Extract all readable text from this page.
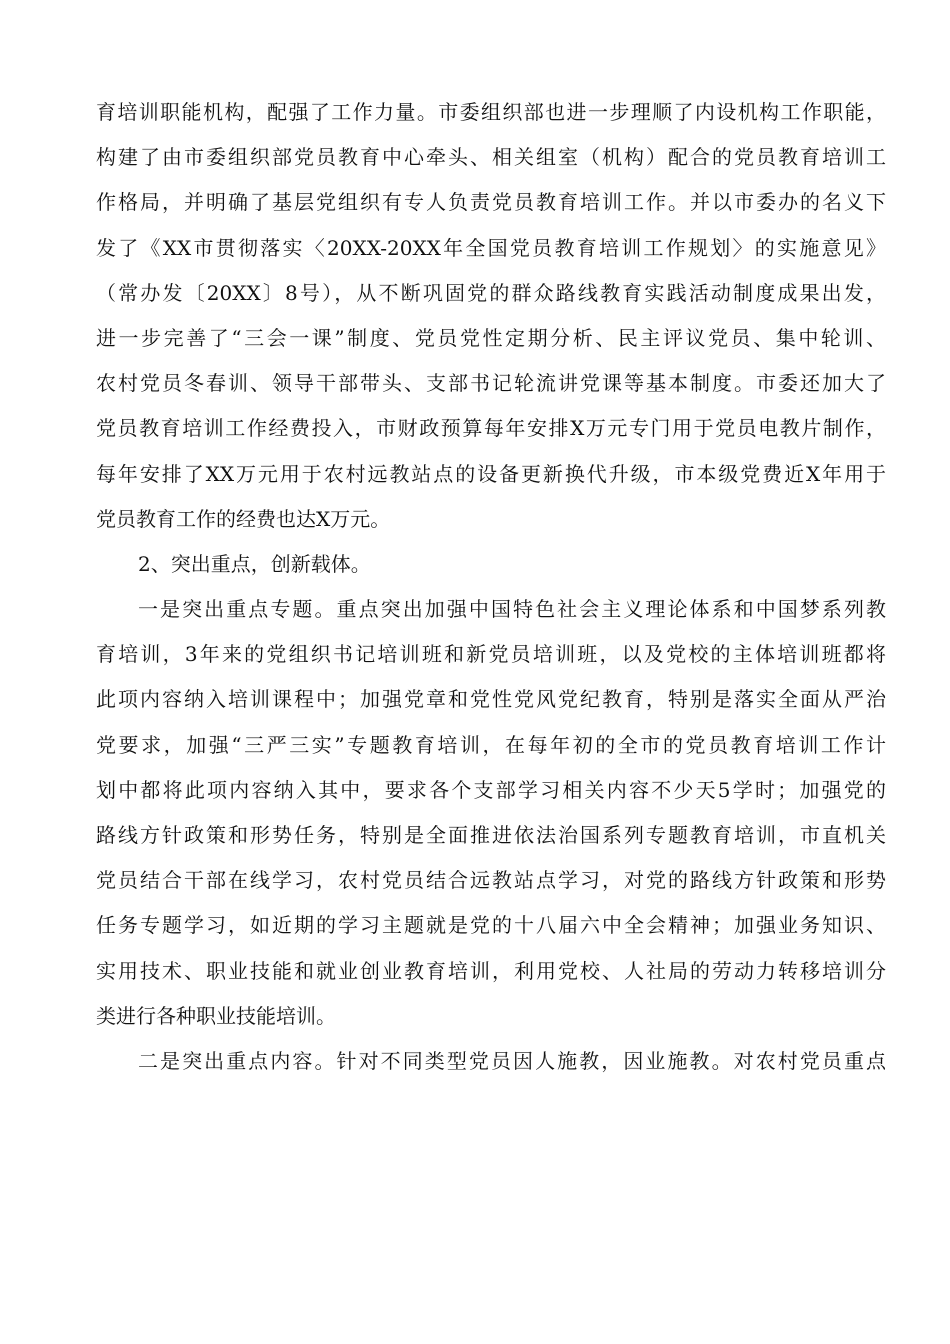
育培训职能机构，配强了工作力量。市委组织部也进一步理顺了内设机构工作职能，
构建了由市委组织部党员教育中心牵头、相关组室（机构）配合的党员教育培训工
作格局，并明确了基层党组织有专人负责党员教育培训工作。并以市委办的名义下
发了《XX市贯彻落实〈20XX-20XX年全国党员教育培训工作规划〉的实施意见》
（常办发〔20XX〕8号），从不断巩固党的群众路线教育实践活动制度成果出发，
进一步完善了“三会一课”制度、党员党性定期分析、民主评议党员、集中轮训、
农村党员冬春训、领导干部带头、支部书记轮流讲党课等基本制度。市委还加大了
党员教育培训工作经费投入，市财政预算每年安排X万元专门用于党员电教片制作，
每年安排了XX万元用于农村远教站点的设备更新换代升级，市本级党费近X年用于
党员教育工作的经费也达X万元。
2、突出重点，创新载体。
一是突出重点专题。重点突出加强中国特色社会主义理论体系和中国梦系列教
育培训，3年来的党组织书记培训班和新党员培训班，以及党校的主体培训班都将
此项内容纳入培训课程中；加强党章和党性党风党纪教育，特别是落实全面从严治
党要求，加强“三严三实”专题教育培训，在每年初的全市的党员教育培训工作计
划中都将此项内容纳入其中，要求各个支部学习相关内容不少天5学时；加强党的
路线方针政策和形势任务，特别是全面推进依法治国系列专题教育培训，市直机关
党员结合干部在线学习，农村党员结合远教站点学习，对党的路线方针政策和形势
任务专题学习，如近期的学习主题就是党的十八届六中全会精神；加强业务知识、
实用技术、职业技能和就业创业教育培训，利用党校、人社局的劳动力转移培训分
类进行各种职业技能培训。
二是突出重点内容。针对不同类型党员因人施教，因业施教。对农村党员重点
